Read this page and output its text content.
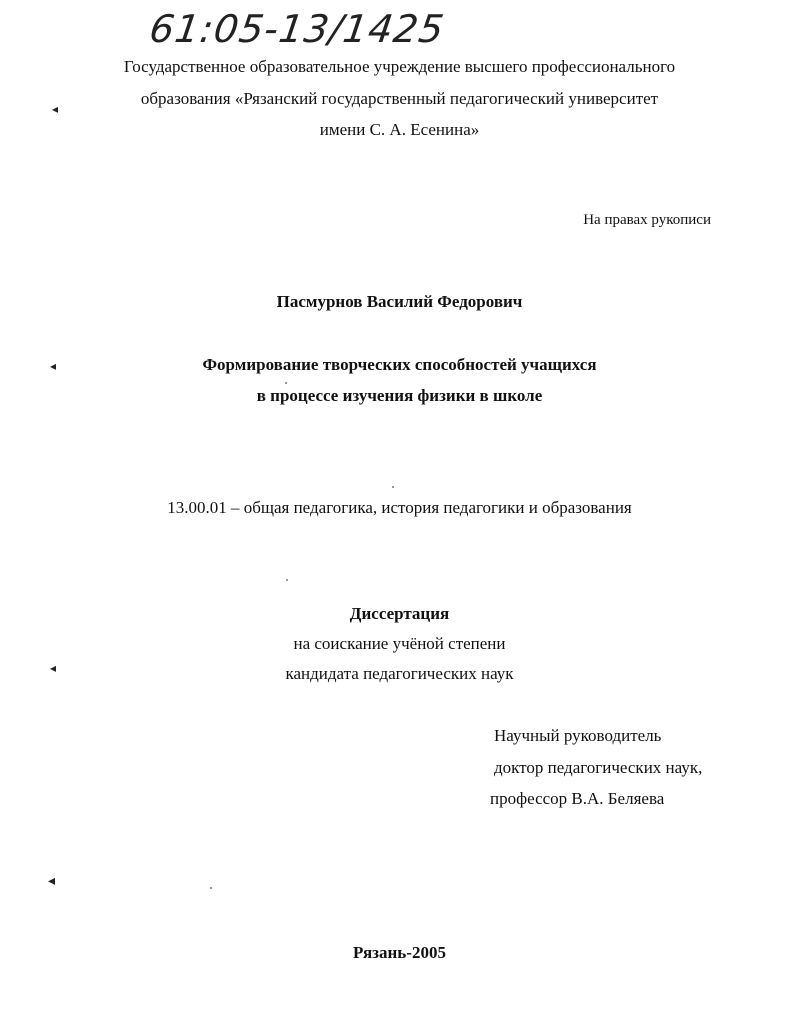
61:05-13/1425
Государственное образовательное учреждение высшего профессионального
образования «Рязанский государственный педагогический университет
имени С. А. Есенина»
На правах рукописи
Пасмурнов Василий Федорович
Формирование творческих способностей учащихся
в процессе изучения физики в школе
13.00.01 – общая педагогика, история педагогики и образования
Диссертация
на соискание учёной степени
кандидата педагогических наук
Научный руководитель
доктор педагогических наук,
профессор В.А. Беляева
Рязань-2005
◂
◂
◂
◂
